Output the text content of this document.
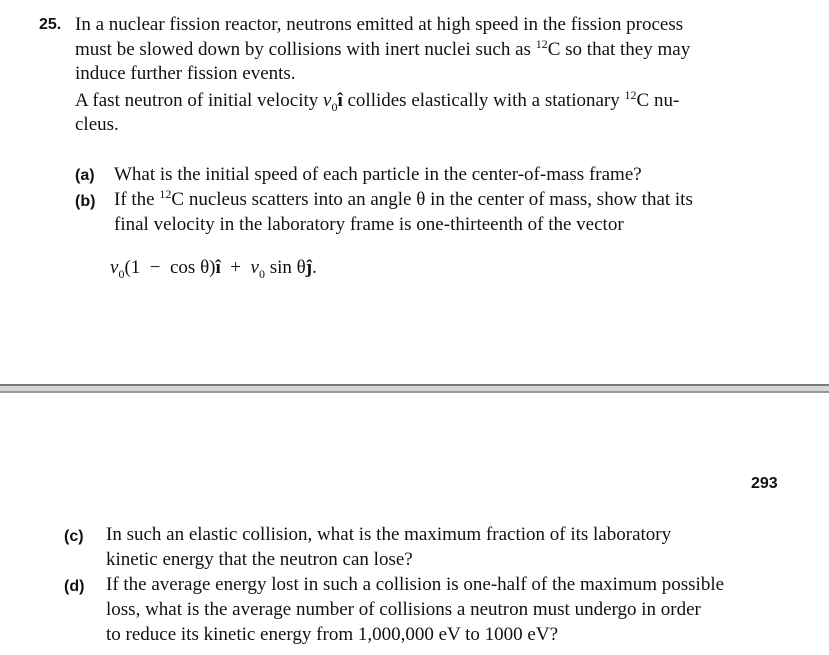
25. In a nuclear fission reactor, neutrons emitted at high speed in the fission process
must be slowed down by collisions with inert nuclei such as $^{12}$C so that they may
induce further fission events.
A fast neutron of initial velocity $v_0î$ collides elastically with a stationary $^{12}$C nu-
cleus.
(a) What is the initial speed of each particle in the center-of-mass frame?
(b) If the $^{12}$C nucleus scatters into an angle θ in the center of mass, show that its
final velocity in the laboratory frame is one-thirteenth of the vector
$v_0(1 - \cos$ θ)î + $v_0$ sin θĵ.
293
(c) In such an elastic collision, what is the maximum fraction of its laboratory
kinetic energy that the neutron can lose?
(d) If the average energy lost in such a collision is one-half of the maximum possible
loss, what is the average number of collisions a neutron must undergo in order
to reduce its kinetic energy from 1,000,000 eV to 1000 eV?
